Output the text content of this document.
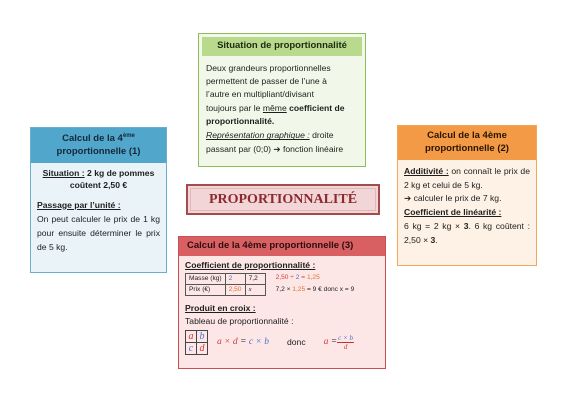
Situation de proportionnalité
Deux grandeurs proportionnelles
permettent de passer de l’une à
l’autre en multipliant/divisant
toujours par le même coefficient de proportionnalité.
Représentation graphique : droite
passant par (0;0) ➔ fonction linéaire
Calcul de la 4ème
proportionnelle (1)
Situation : 2 kg de pommes
coûtent 2,50 €
Passage par l’unité :
On peut calculer le prix de 1 kg pour ensuite déterminer le prix de 5 kg.
Calcul de la 4ème proportionnelle (2)
Additivité : on connaît le prix de 2 kg et celui de 5 kg.
➔ calculer le prix de 7 kg.
Coefficient de linéarité :
6 kg = 2 kg × 3. 6 kg coûtent : 2,50 × 3.
PROPORTIONNALITÉ
Calcul de la 4ème proportionnelle (3)
Coefficient de proportionnalité :
Masse (kg)	2	7,2
Prix (€)	2,50	x
2,50 ÷ 2 = 1,25
7,2 × 1,25 = 9 € donc x = 9
Produit en croix :
Tableau de proportionnalité :
a	b
c	d
a × d = c × b donc $a = \frac{c \times b}{d}$
